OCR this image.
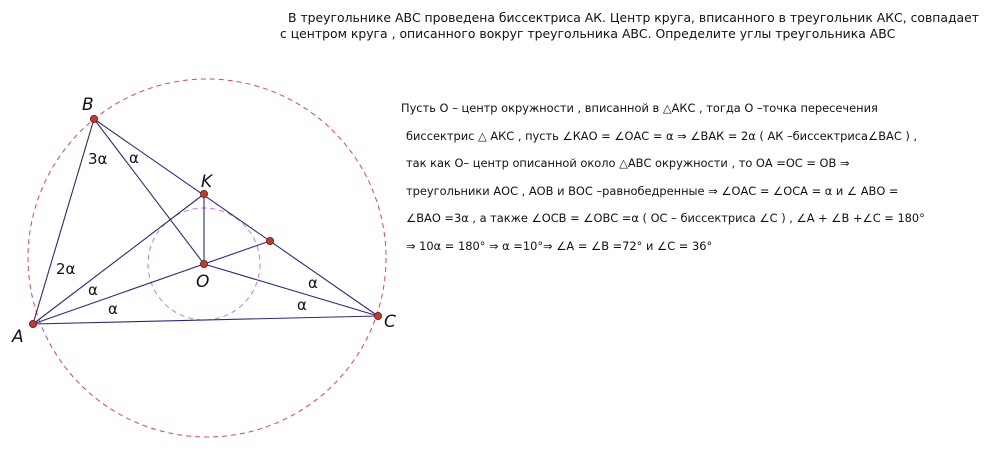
В треугольнике АВС проведена биссектриса АК. Центр круга, вписанного в треугольник АКС, совпадает
с центром круга , описанного вокруг треугольника АВС. Определите углы треугольника АВС
B
A
C
K
O
3α α
2α
α
α
α
α
Пусть О – центр окружности , вписанной в △АКС , тогда О –точка пересечения
биссектрис △ АКС , пусть ∠КАО = ∠ОАС = α ⇒ ∠ВАК = 2α ( АК –биссектриса∠ВАС ) ,
так как О– центр описанной около △АВС окружности , то ОА =ОС = ОВ ⇒
треугольники АОС , АОВ и ВОС –равнобедренные ⇒ ∠ОАС = ∠ОСА = α и ∠ АВО =
∠ВАО =3α , а также ∠ОСВ = ∠ОВС =α ( ОС – биссектриса ∠С ) , ∠А + ∠В +∠С = 180°
⇒ 10α = 180° ⇒ α =10°⇒ ∠А = ∠В =72° и ∠С = 36°
